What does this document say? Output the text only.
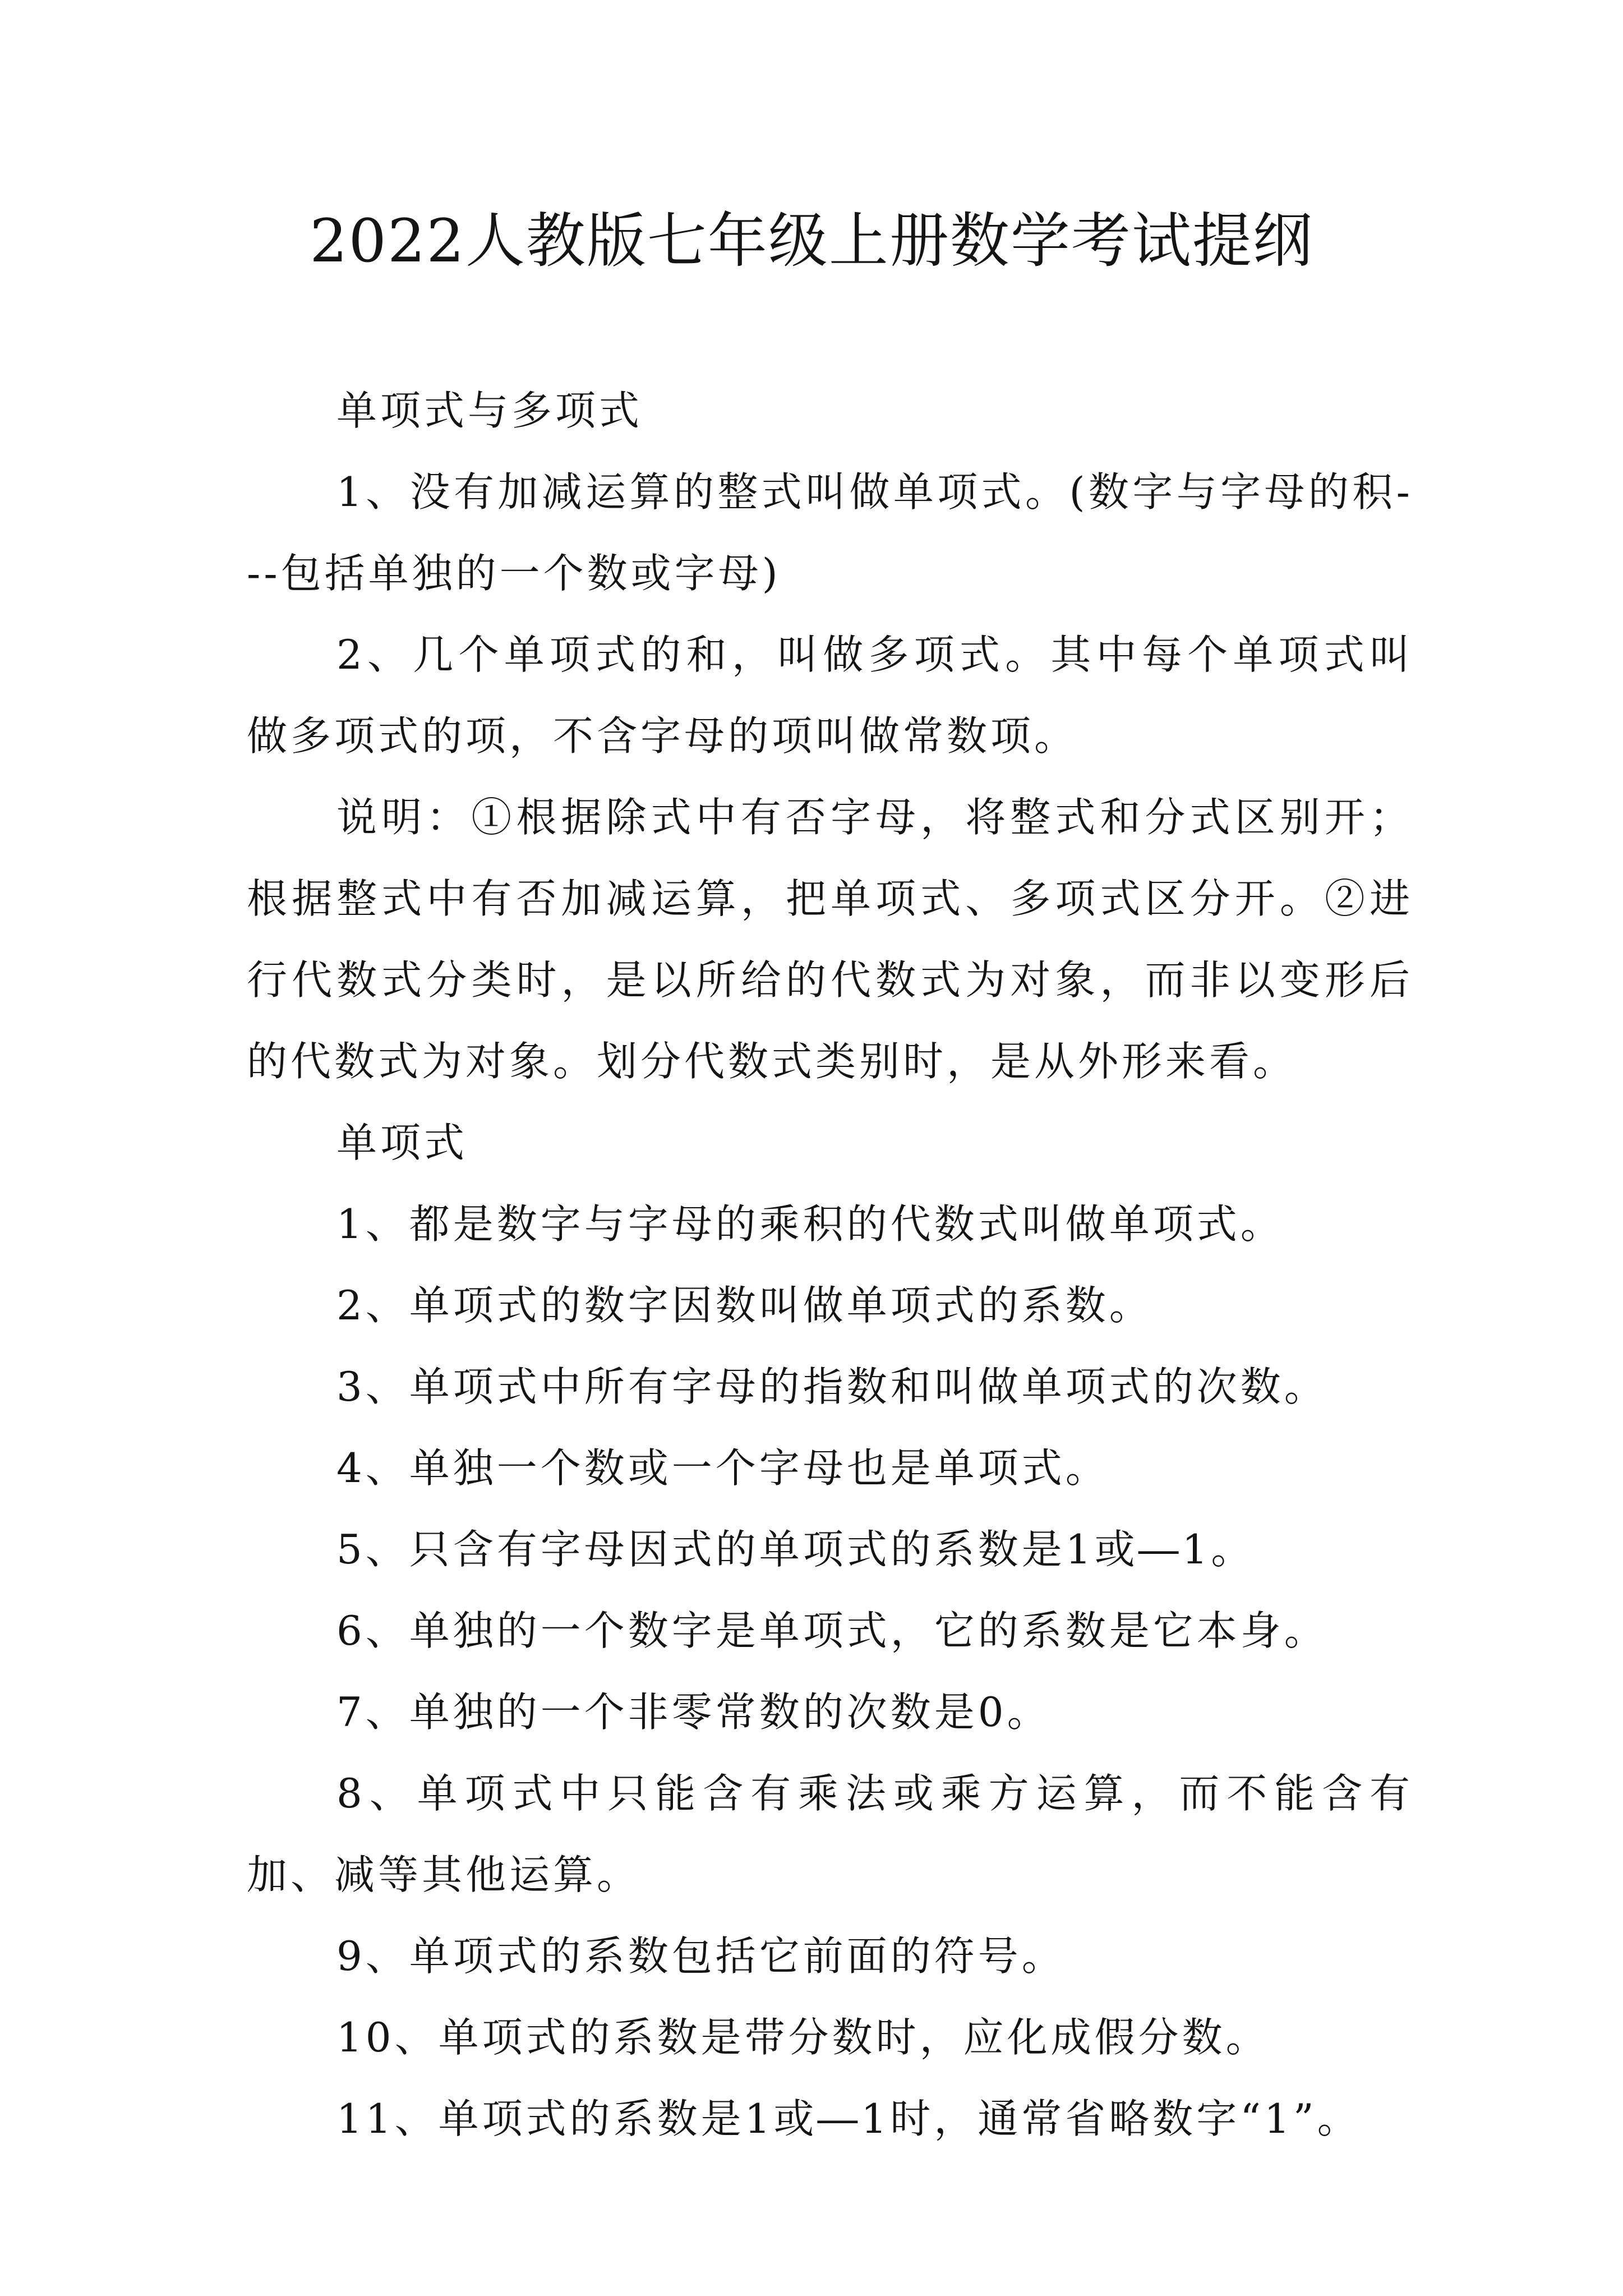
2022人教版七年级上册数学考试提纲

单项式与多项式

1、没有加减运算的整式叫做单项式。(数字与字母的积---包括单独的一个数或字母)

2、几个单项式的和，叫做多项式。其中每个单项式叫做多项式的项，不含字母的项叫做常数项。

说明：①根据除式中有否字母，将整式和分式区别开；根据整式中有否加减运算，把单项式、多项式区分开。②进行代数式分类时，是以所给的代数式为对象，而非以变形后的代数式为对象。划分代数式类别时，是从外形来看。

单项式

1、都是数字与字母的乘积的代数式叫做单项式。

2、单项式的数字因数叫做单项式的系数。

3、单项式中所有字母的指数和叫做单项式的次数。

4、单独一个数或一个字母也是单项式。

5、只含有字母因式的单项式的系数是1或―1。

6、单独的一个数字是单项式，它的系数是它本身。

7、单独的一个非零常数的次数是0。

8、单项式中只能含有乘法或乘方运算，而不能含有加、减等其他运算。

9、单项式的系数包括它前面的符号。

10、单项式的系数是带分数时，应化成假分数。

11、单项式的系数是1或―1时，通常省略数字“1”。
